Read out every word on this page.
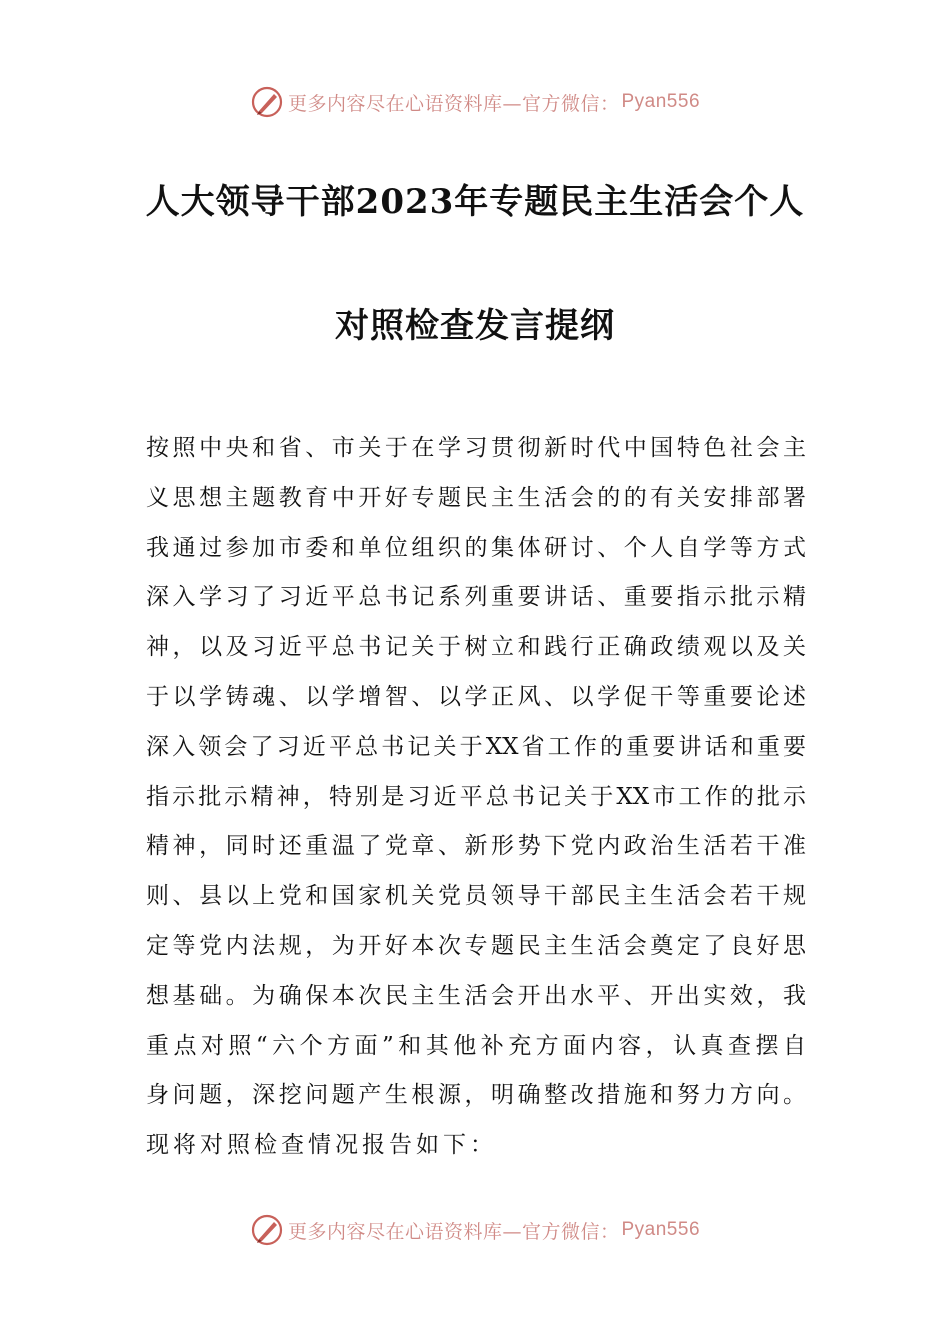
更多内容尽在心语资料库—官方微信： Pyan556
人大领导干部2023年专题民主生活会个人
对照检查发言提纲
按照中央和省、市关于在学习贯彻新时代中国特色社会主
义思想主题教育中开好专题民主生活会的的有关安排部署
我通过参加市委和单位组织的集体研讨、个人自学等方式
深入学习了习近平总书记系列重要讲话、重要指示批示精
神，以及习近平总书记关于树立和践行正确政绩观以及关
于以学铸魂、以学增智、以学正风、以学促干等重要论述
深入领会了习近平总书记关于XX省工作的重要讲话和重要
指示批示精神，特别是习近平总书记关于XX市工作的批示
精神，同时还重温了党章、新形势下党内政治生活若干准
则、县以上党和国家机关党员领导干部民主生活会若干规
定等党内法规，为开好本次专题民主生活会奠定了良好思
想基础。为确保本次民主生活会开出水平、开出实效，我
重点对照“六个方面”和其他补充方面内容，认真查摆自
身问题，深挖问题产生根源，明确整改措施和努力方向。
现将对照检查情况报告如下：
更多内容尽在心语资料库—官方微信： Pyan556
